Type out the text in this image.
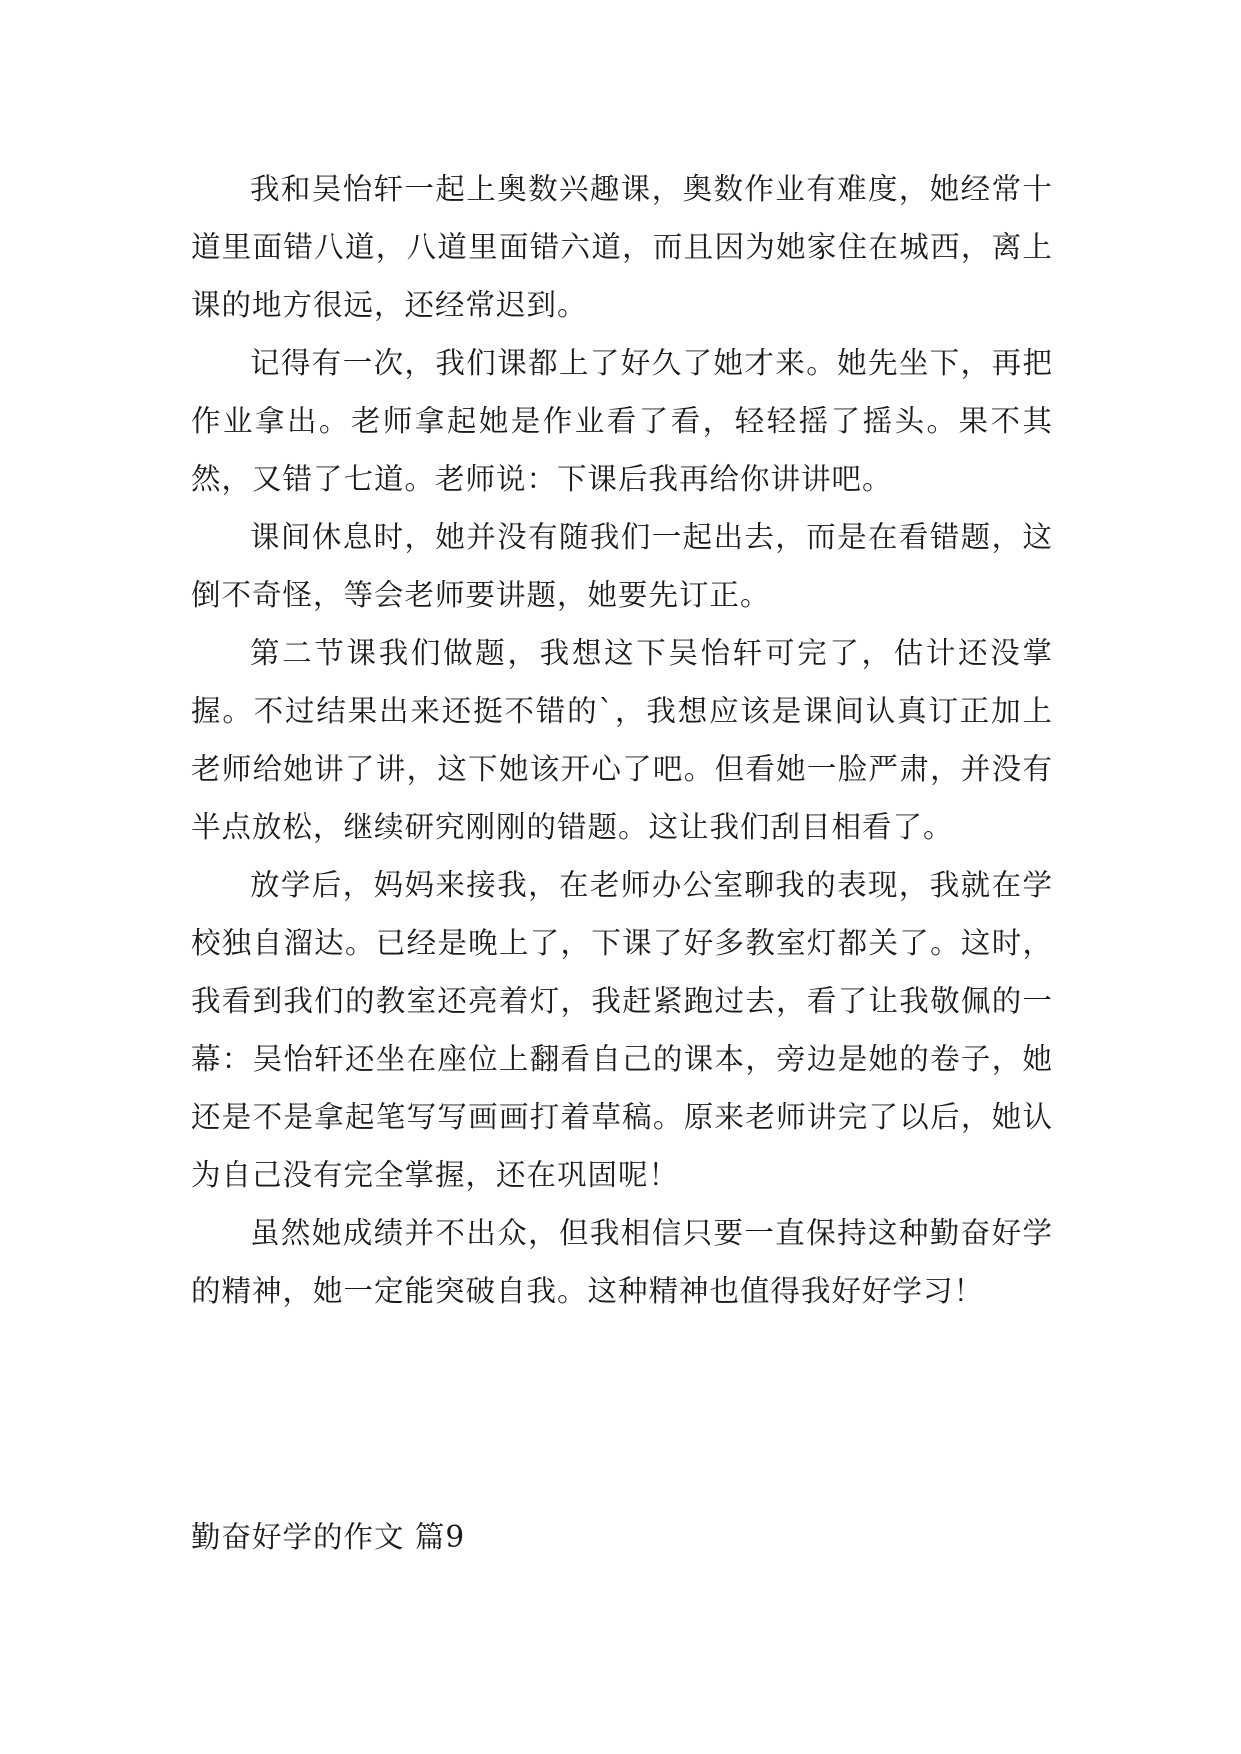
我和吴怡轩一起上奥数兴趣课，奥数作业有难度，她经常十道里面错八道，八道里面错六道，而且因为她家住在城西，离上课的地方很远，还经常迟到。

记得有一次，我们课都上了好久了她才来。她先坐下，再把作业拿出。老师拿起她是作业看了看，轻轻摇了摇头。果不其然，又错了七道。老师说：下课后我再给你讲讲吧。

课间休息时，她并没有随我们一起出去，而是在看错题，这倒不奇怪，等会老师要讲题，她要先订正。

第二节课我们做题，我想这下吴怡轩可完了，估计还没掌握。不过结果出来还挺不错的`，我想应该是课间认真订正加上老师给她讲了讲，这下她该开心了吧。但看她一脸严肃，并没有半点放松，继续研究刚刚的错题。这让我们刮目相看了。

放学后，妈妈来接我，在老师办公室聊我的表现，我就在学校独自溜达。已经是晚上了，下课了好多教室灯都关了。这时，我看到我们的教室还亮着灯，我赶紧跑过去，看了让我敬佩的一幕：吴怡轩还坐在座位上翻看自己的课本，旁边是她的卷子，她还是不是拿起笔写写画画打着草稿。原来老师讲完了以后，她认为自己没有完全掌握，还在巩固呢！

虽然她成绩并不出众，但我相信只要一直保持这种勤奋好学的精神，她一定能突破自我。这种精神也值得我好好学习！

勤奋好学的作文 篇9
